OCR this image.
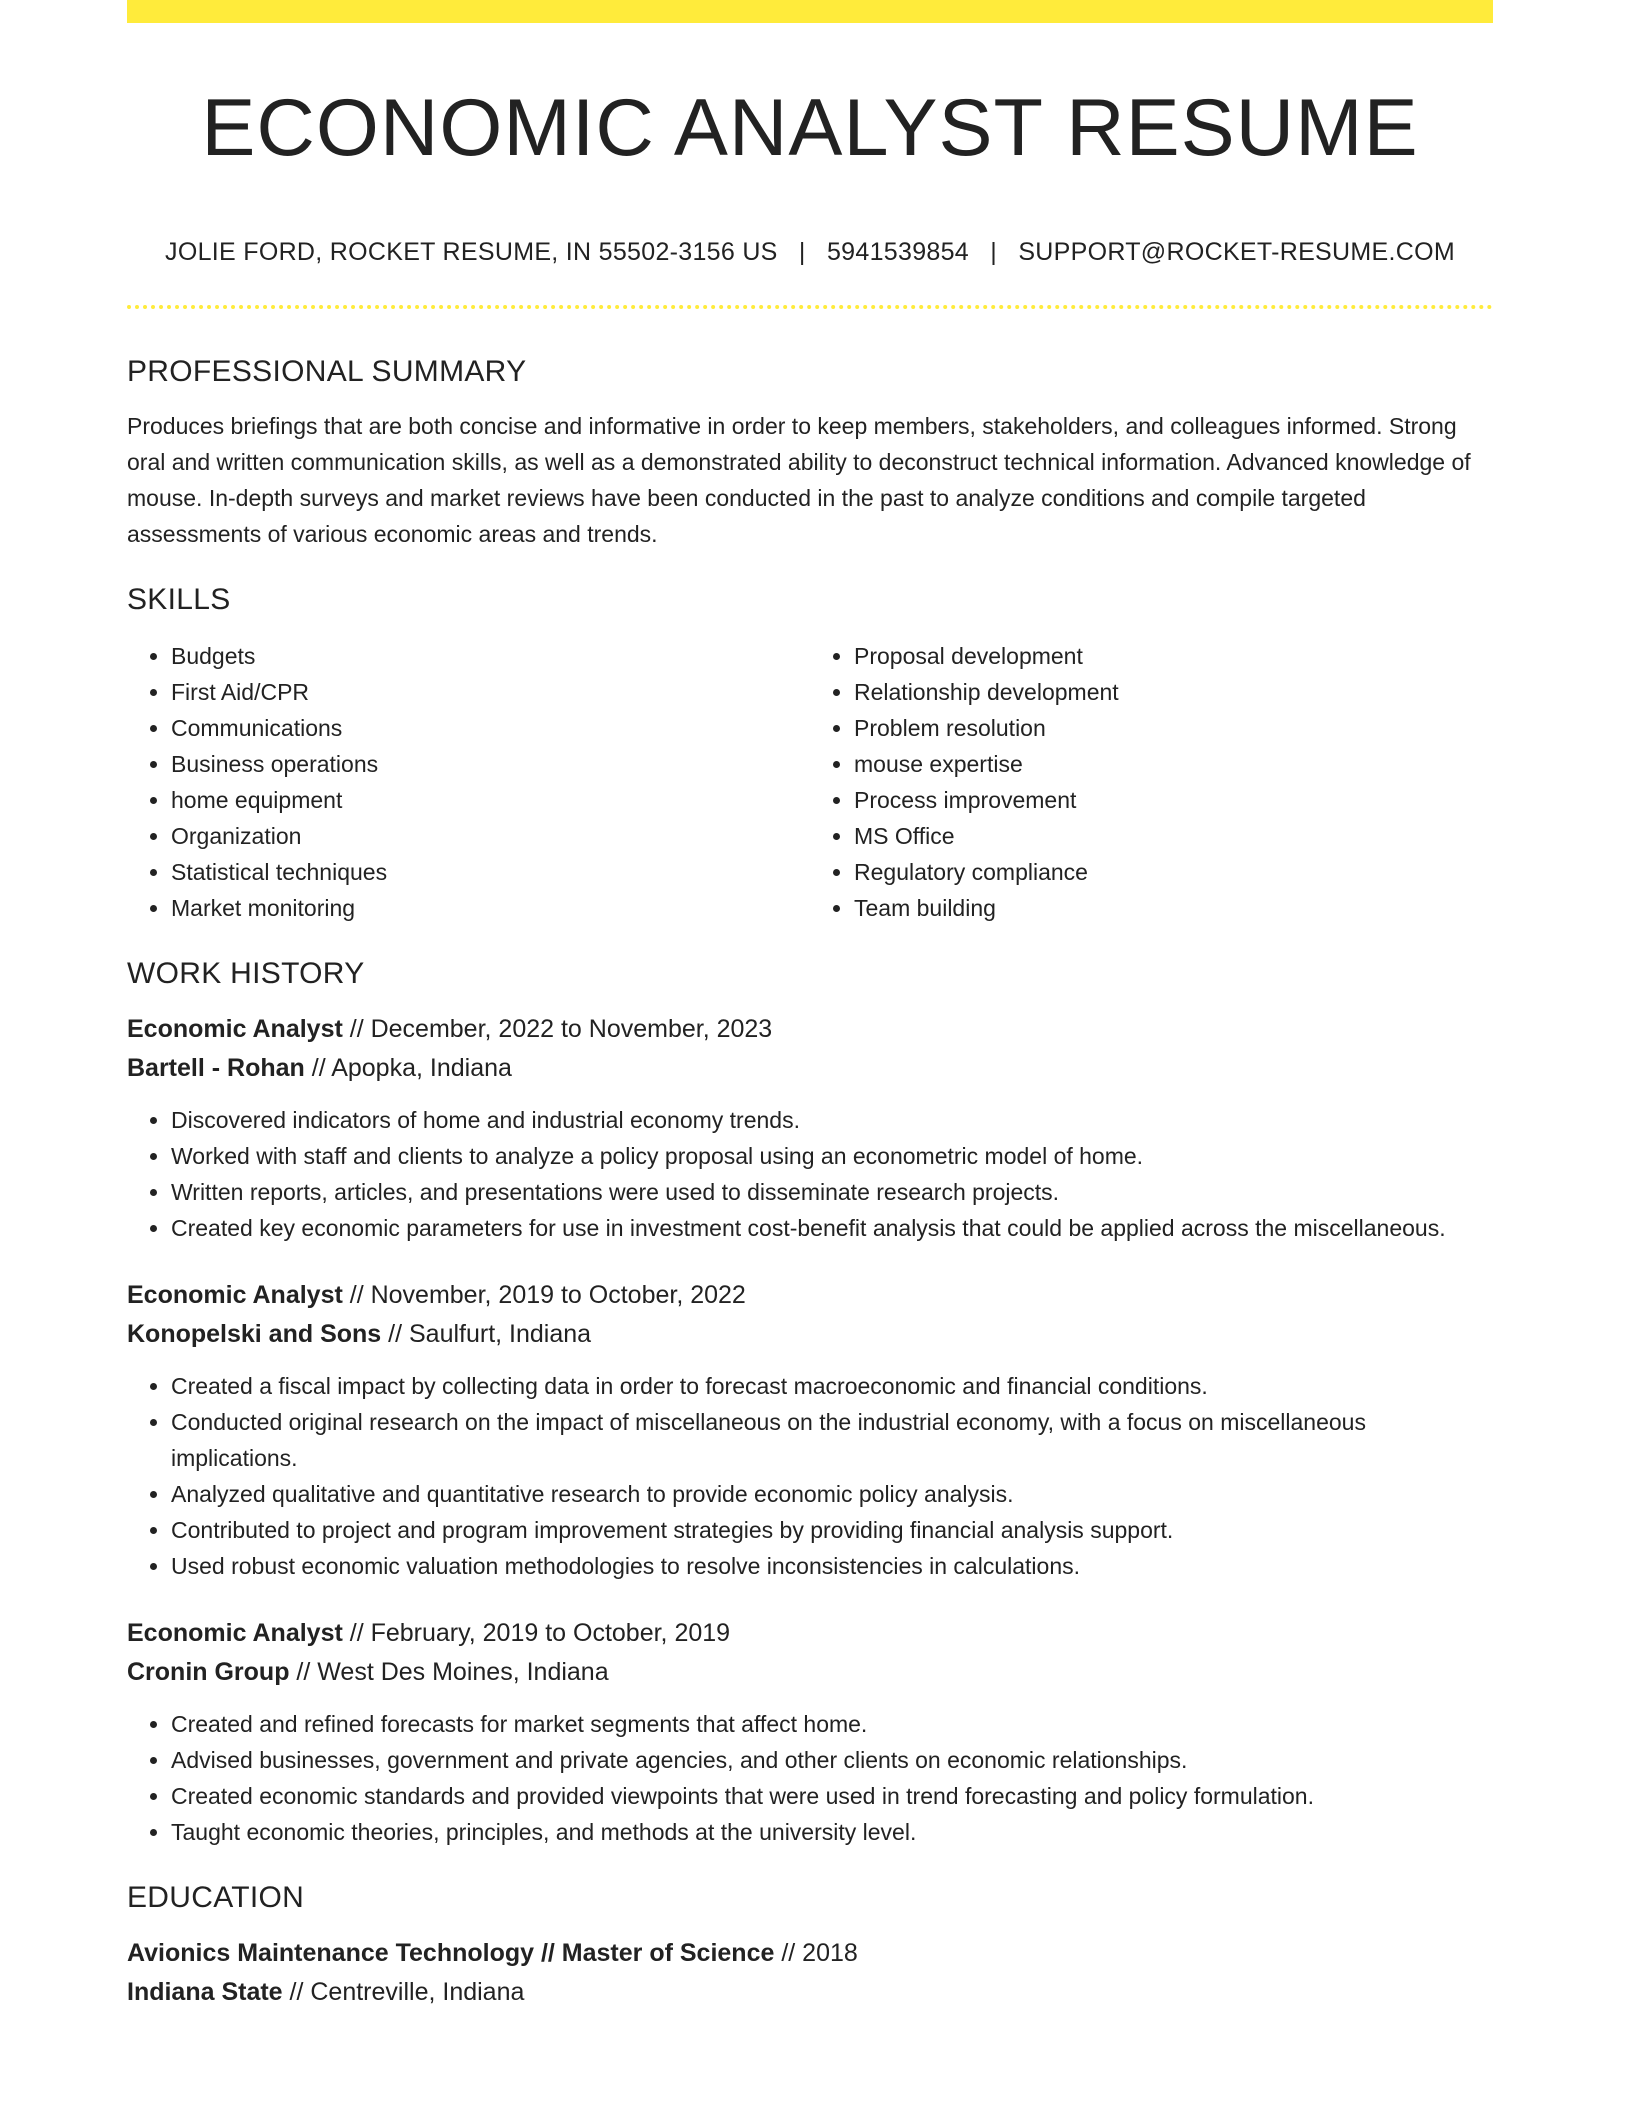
ECONOMIC ANALYST RESUME
JOLIE FORD, ROCKET RESUME, IN 55502-3156 US | 5941539854 | SUPPORT@ROCKET-RESUME.COM
PROFESSIONAL SUMMARY

Produces briefings that are both concise and informative in order to keep members, stakeholders, and colleagues informed. Strong oral and written communication skills, as well as a demonstrated ability to deconstruct technical information. Advanced knowledge of mouse. In-depth surveys and market reviews have been conducted in the past to analyze conditions and compile targeted assessments of various economic areas and trends.

SKILLS
• Budgets
• First Aid/CPR
• Communications
• Business operations
• home equipment
• Organization
• Statistical techniques
• Market monitoring
• Proposal development
• Relationship development
• Problem resolution
• mouse expertise
• Process improvement
• MS Office
• Regulatory compliance
• Team building
WORK HISTORY

Economic Analyst // December, 2022 to November, 2023

Bartell - Rohan // Apopka, Indiana

• Discovered indicators of home and industrial economy trends.
• Worked with staff and clients to analyze a policy proposal using an econometric model of home.
• Written reports, articles, and presentations were used to disseminate research projects.
• Created key economic parameters for use in investment cost-benefit analysis that could be applied across the miscellaneous.

Economic Analyst // November, 2019 to October, 2022

Konopelski and Sons // Saulfurt, Indiana

• Created a fiscal impact by collecting data in order to forecast macroeconomic and financial conditions.
• Conducted original research on the impact of miscellaneous on the industrial economy, with a focus on miscellaneous implications.
• Analyzed qualitative and quantitative research to provide economic policy analysis.
• Contributed to project and program improvement strategies by providing financial analysis support.
• Used robust economic valuation methodologies to resolve inconsistencies in calculations.

Economic Analyst // February, 2019 to October, 2019

Cronin Group // West Des Moines, Indiana

• Created and refined forecasts for market segments that affect home.
• Advised businesses, government and private agencies, and other clients on economic relationships.
• Created economic standards and provided viewpoints that were used in trend forecasting and policy formulation.
• Taught economic theories, principles, and methods at the university level.
EDUCATION

Avionics Maintenance Technology // Master of Science // 2018

Indiana State // Centreville, Indiana
